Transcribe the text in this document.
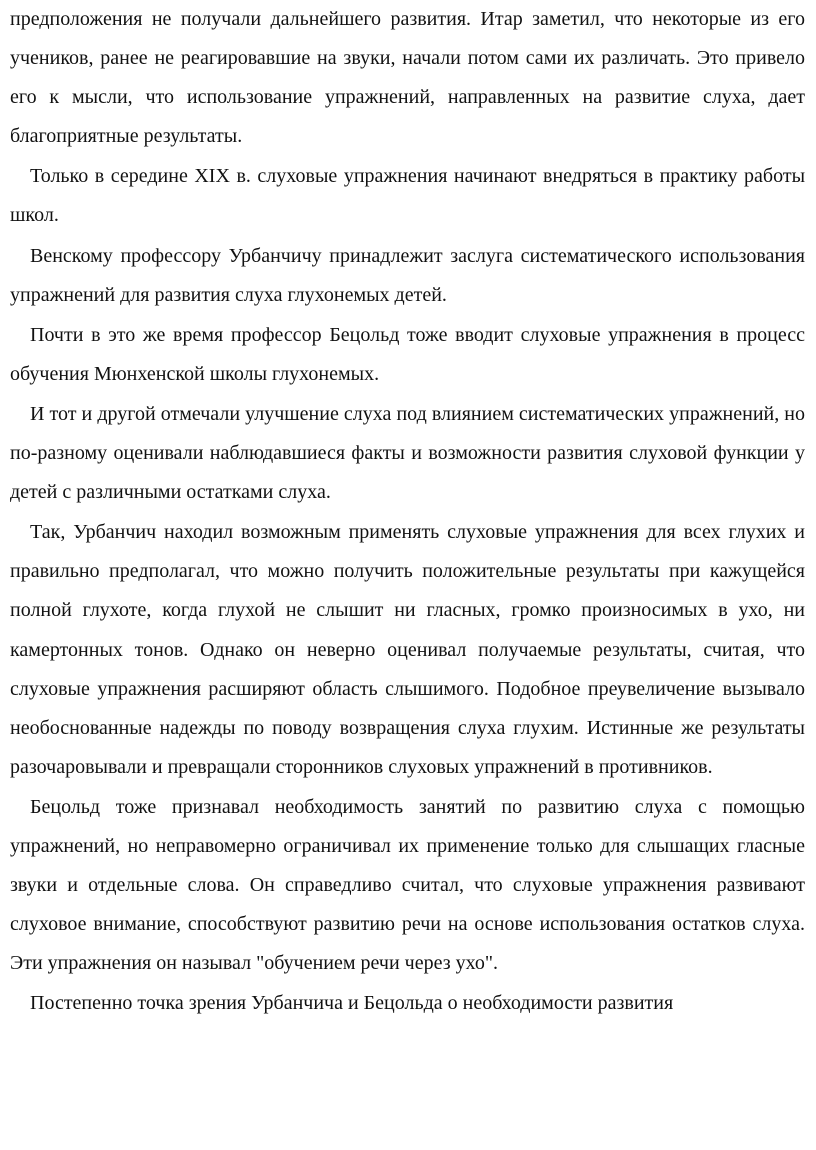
предположения не получали дальнейшего развития. Итар заметил, что некоторые из его учеников, ранее не реагировавшие на звуки, начали потом сами их различать. Это привело его к мысли, что использование упражнений, направленных на развитие слуха, дает благоприятные результаты.

Только в середине XIX в. слуховые упражнения начинают внедряться в практику работы школ.

Венскому профессору Урбанчичу принадлежит заслуга систематического использования упражнений для развития слуха глухонемых детей.

Почти в это же время профессор Бецольд тоже вводит слуховые упражнения в процесс обучения Мюнхенской школы глухонемых.

И тот и другой отмечали улучшение слуха под влиянием систематических упражнений, но по-разному оценивали наблюдавшиеся факты и возможности развития слуховой функции у детей с различными остатками слуха.

Так, Урбанчич находил возможным применять слуховые упражнения для всех глухих и правильно предполагал, что можно получить положительные результаты при кажущейся полной глухоте, когда глухой не слышит ни гласных, громко произносимых в ухо, ни камертонных тонов. Однако он неверно оценивал получаемые результаты, считая, что слуховые упражнения расширяют область слышимого. Подобное преувеличение вызывало необоснованные надежды по поводу возвращения слуха глухим. Истинные же результаты разочаровывали и превращали сторонников слуховых упражнений в противников.

Бецольд тоже признавал необходимость занятий по развитию слуха с помощью упражнений, но неправомерно ограничивал их применение только для слышащих гласные звуки и отдельные слова. Он справедливо считал, что слуховые упражнения развивают слуховое внимание, способствуют развитию речи на основе использования остатков слуха. Эти упражнения он называл "обучением речи через ухо".

Постепенно точка зрения Урбанчича и Бецольда о необходимости развития
